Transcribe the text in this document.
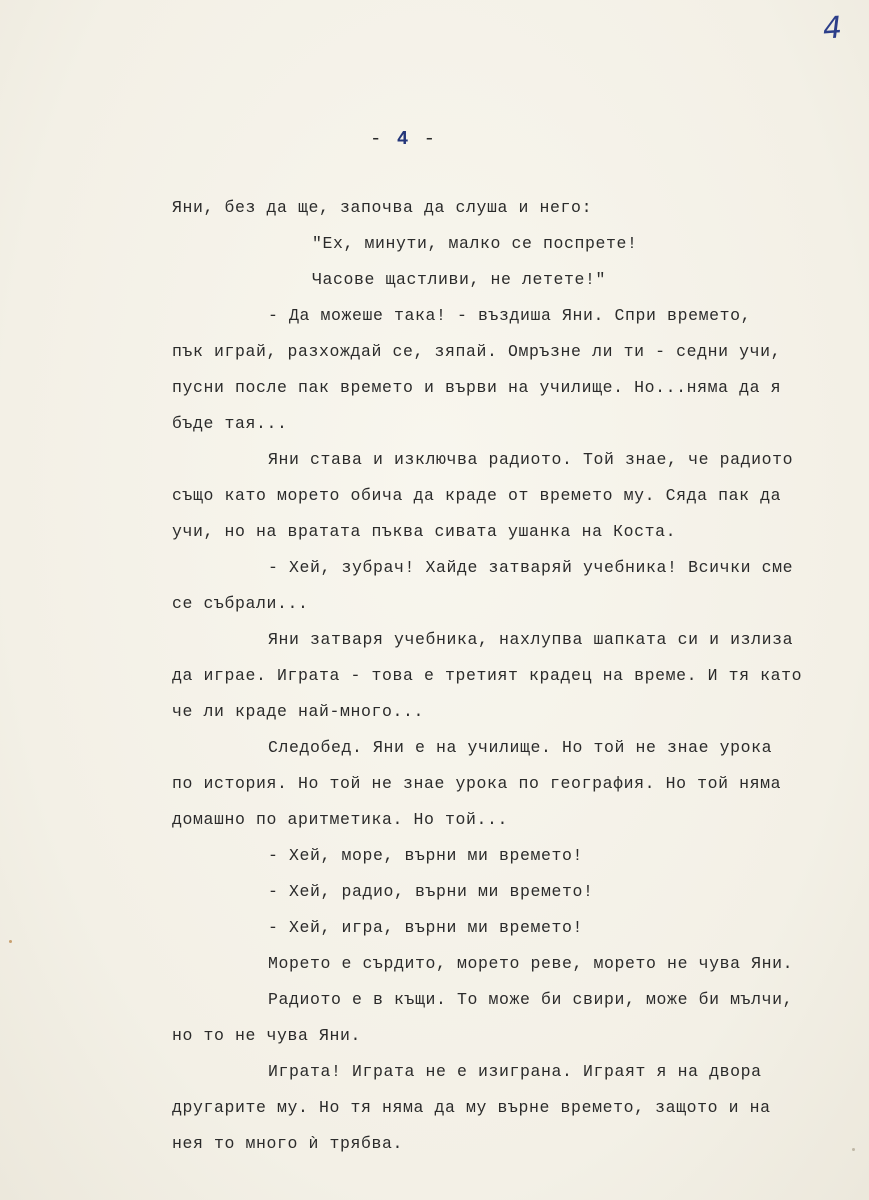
4
- 4 -
Яни, без да ще, започва да слуша и него:
"Ех, минути, малко се поспрете!
Часове щастливи, не летете!"
- Да можеше така! - въздиша Яни. Спри времето,
пък играй, разхождай се, зяпай. Омръзне ли ти - седни учи,
пусни после пак времето и върви на училище. Но...няма да я
бъде тая...
Яни става и изключва радиото. Той знае, че радиото
също като морето обича да краде от времето му. Сяда пак да
учи, но на вратата пъква сивата ушанка на Коста.
- Хей, зубрач! Хайде затваряй учебника! Всички сме
се събрали...
Яни затваря учебника, нахлупва шапката си и излиза
да играе. Играта - това е третият крадец на време. И тя като
че ли краде най-много...
Следобед. Яни е на училище. Но той не знае урока
по история. Но той не знае урока по география. Но той няма
домашно по аритметика. Но той...
- Хей, море, върни ми времето!
- Хей, радио, върни ми времето!
- Хей, игра, върни ми времето!
Морето е сърдито, морето реве, морето не чува Яни.
Радиото е в къщи. То може би свири, може би мълчи,
но то не чува Яни.
Играта! Играта не е изиграна. Играят я на двора
другарите му. Но тя няма да му върне времето, защото и на
нея то много ѝ трябва.
